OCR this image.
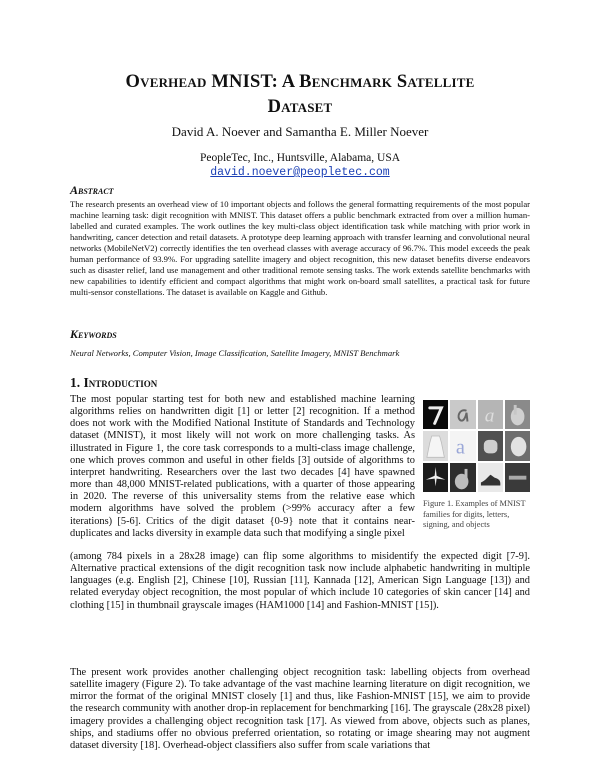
Overhead MNIST: A Benchmark Satellite
Dataset
David A. Noever and Samantha E. Miller Noever
PeopleTec, Inc., Huntsville, Alabama, USA
david.noever@peopletec.com
Abstract
The research presents an overhead view of 10 important objects and follows the general formatting requirements of the most popular machine learning task: digit recognition with MNIST. This dataset offers a public benchmark extracted from over a million human-labelled and curated examples. The work outlines the key multi-class object identification task while matching with prior work in handwriting, cancer detection and retail datasets. A prototype deep learning approach with transfer learning and convolutional neural networks (MobileNetV2) correctly identifies the ten overhead classes with average accuracy of 96.7%. This model exceeds the peak human performance of 93.9%. For upgrading satellite imagery and object recognition, this new dataset benefits diverse endeavors such as disaster relief, land use management and other traditional remote sensing tasks. The work extends satellite benchmarks with new capabilities to identify efficient and compact algorithms that might work on-board small satellites, a practical task for future multi-sensor constellations. The dataset is available on Kaggle and Github.
Keywords
Neural Networks, Computer Vision, Image Classification, Satellite Imagery, MNIST Benchmark
1. Introduction
The most popular starting test for both new and established machine learning algorithms relies on handwritten digit [1] or letter [2] recognition. If a method does not work with the Modified National Institute of Standards and Technology dataset (MNIST), it most likely will not work on more challenging tasks. As illustrated in Figure 1, the core task corresponds to a multi-class image challenge, one which proves common and useful in other fields [3] outside of algorithms to interpret handwriting. Researchers over the last two decades [4] have spawned more than 48,000 MNIST-related publications, with a quarter of those appearing in 2020. The reverse of this universality stems from the relative ease which modern algorithms have solved the problem (>99% accuracy after a few iterations) [5-6]. Critics of the digit dataset {0-9} note that it contains near-duplicates and lacks diversity in example data such that modifying a single pixel
(among 784 pixels in a 28x28 image) can flip some algorithms to misidentify the expected digit [7-9]. Alternative practical extensions of the digit recognition task now include alphabetic handwriting in multiple languages (e.g. English [2], Chinese [10], Russian [11], Kannada [12], American Sign Language [13]) and related everyday object recognition, the most popular of which include 10 categories of skin cancer [14] and clothing [15] in thumbnail grayscale images (HAM1000 [14] and Fashion-MNIST [15]).
The present work provides another challenging object recognition task: labelling objects from overhead satellite imagery (Figure 2). To take advantage of the vast machine learning literature on digit recognition, we mirror the format of the original MNIST closely [1] and thus, like Fashion-MNIST [15], we aim to provide the research community with another drop-in replacement for benchmarking [16]. The grayscale (28x28 pixel) imagery provides a challenging object recognition task [17]. As viewed from above, objects such as planes, ships, and stadiums offer no obvious preferred orientation, so rotating or image shearing may not augment dataset diversity [18]. Overhead-object classifiers also suffer from scale variations that
a
a
Figure 1. Examples of MNIST families for digits, letters, signing, and objects
